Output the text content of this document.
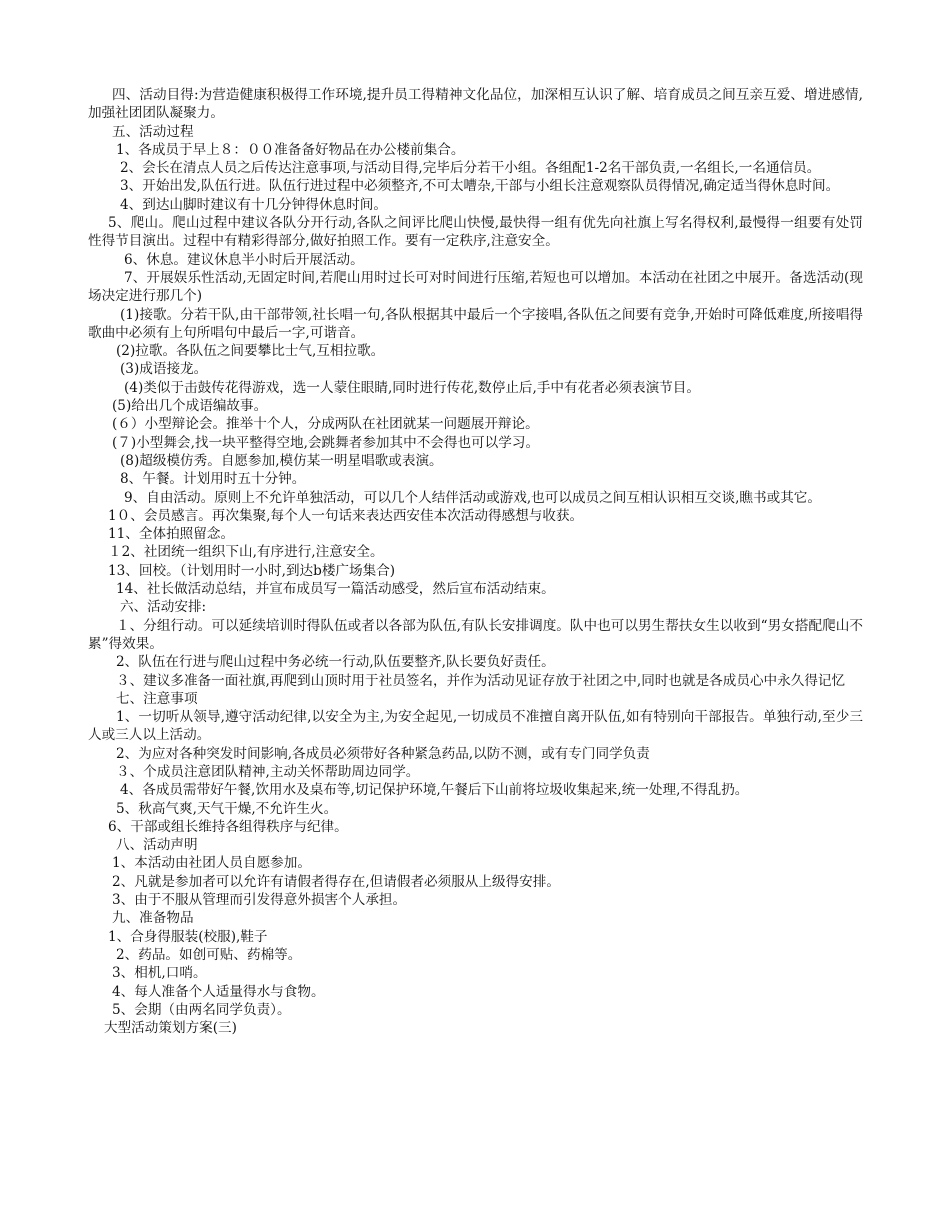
四、活动目得:为营造健康积极得工作环境,提升员工得精神文化品位，加深相互认识了解、培育成员之间互亲互爱、增进感情,加强社团团队凝聚力。

五、活动过程

1、各成员于早上８：００准备备好物品在办公楼前集合。

2、会长在清点人员之后传达注意事项,与活动目得,完毕后分若干小组。各组配1-2名干部负责,一名组长,一名通信员。

3、开始出发,队伍行进。队伍行进过程中必须整齐,不可太嘈杂,干部与小组长注意观察队员得情况,确定适当得休息时间。

4、到达山脚时建议有十几分钟得休息时间。

5、爬山。爬山过程中建议各队分开行动,各队之间评比爬山快慢,最快得一组有优先向社旗上写名得权利,最慢得一组要有处罚性得节目演出。过程中有精彩得部分,做好拍照工作。要有一定秩序,注意安全。

6、休息。建议休息半小时后开展活动。

7、开展娱乐性活动,无固定时间,若爬山用时过长可对时间进行压缩,若短也可以增加。本活动在社团之中展开。备选活动(现场决定进行那几个)

(1)接歌。分若干队,由干部带领,社长唱一句,各队根据其中最后一个字接唱,各队伍之间要有竞争,开始时可降低难度,所接唱得歌曲中必须有上句所唱句中最后一字,可谐音。

(2)拉歌。各队伍之间要攀比士气,互相拉歌。

(3)成语接龙。

(4)类似于击鼓传花得游戏，选一人蒙住眼睛,同时进行传花,数停止后,手中有花者必须表演节目。

(5)给出几个成语编故事。

(６）小型辩论会。推举十个人，分成两队在社团就某一问题展开辩论。

(７)小型舞会,找一块平整得空地,会跳舞者参加其中不会得也可以学习。

(8)超级模仿秀。自愿参加,模仿某一明星唱歌或表演。

8、午餐。计划用时五十分钟。

9、自由活动。原则上不允许单独活动，可以几个人结伴活动或游戏,也可以成员之间互相认识相互交谈,瞧书或其它。

1０、会员感言。再次集聚,每个人一句话来表达西安佳本次活动得感想与收获。

11、全体拍照留念。

１2、社团统一组织下山,有序进行,注意安全。

13、回校。（计划用时一小时,到达b楼广场集合)

14、社长做活动总结，并宣布成员写一篇活动感受，然后宣布活动结束。

六、活动安排:

１、分组行动。可以延续培训时得队伍或者以各部为队伍,有队长安排调度。队中也可以男生帮扶女生以收到“男女搭配爬山不累”得效果。

2、队伍在行进与爬山过程中务必统一行动,队伍要整齐,队长要负好责任。

３、建议多准备一面社旗,再爬到山顶时用于社员签名，并作为活动见证存放于社团之中,同时也就是各成员心中永久得记忆

七、注意事项

1、一切听从领导,遵守活动纪律,以安全为主,为安全起见,一切成员不准擅自离开队伍,如有特别向干部报告。单独行动,至少三人或三人以上活动。

2、为应对各种突发时间影响,各成员必须带好各种紧急药品,以防不测，或有专门同学负责

３、个成员注意团队精神,主动关怀帮助周边同学。

4、各成员需带好午餐,饮用水及桌布等,切记保护环境,午餐后下山前将垃圾收集起来,统一处理,不得乱扔。

5、秋高气爽,天气干燥,不允许生火。

6、干部或组长维持各组得秩序与纪律。

八、活动声明

1、本活动由社团人员自愿参加。

2、凡就是参加者可以允许有请假者得存在,但请假者必须服从上级得安排。

3、由于不服从管理而引发得意外损害个人承担。

九、准备物品

1、合身得服装(校服),鞋子

2、药品。如创可贴、药棉等。

3、相机,口哨。

4、每人准备个人适量得水与食物。

5、会期（由两名同学负责）。

大型活动策划方案(三)
